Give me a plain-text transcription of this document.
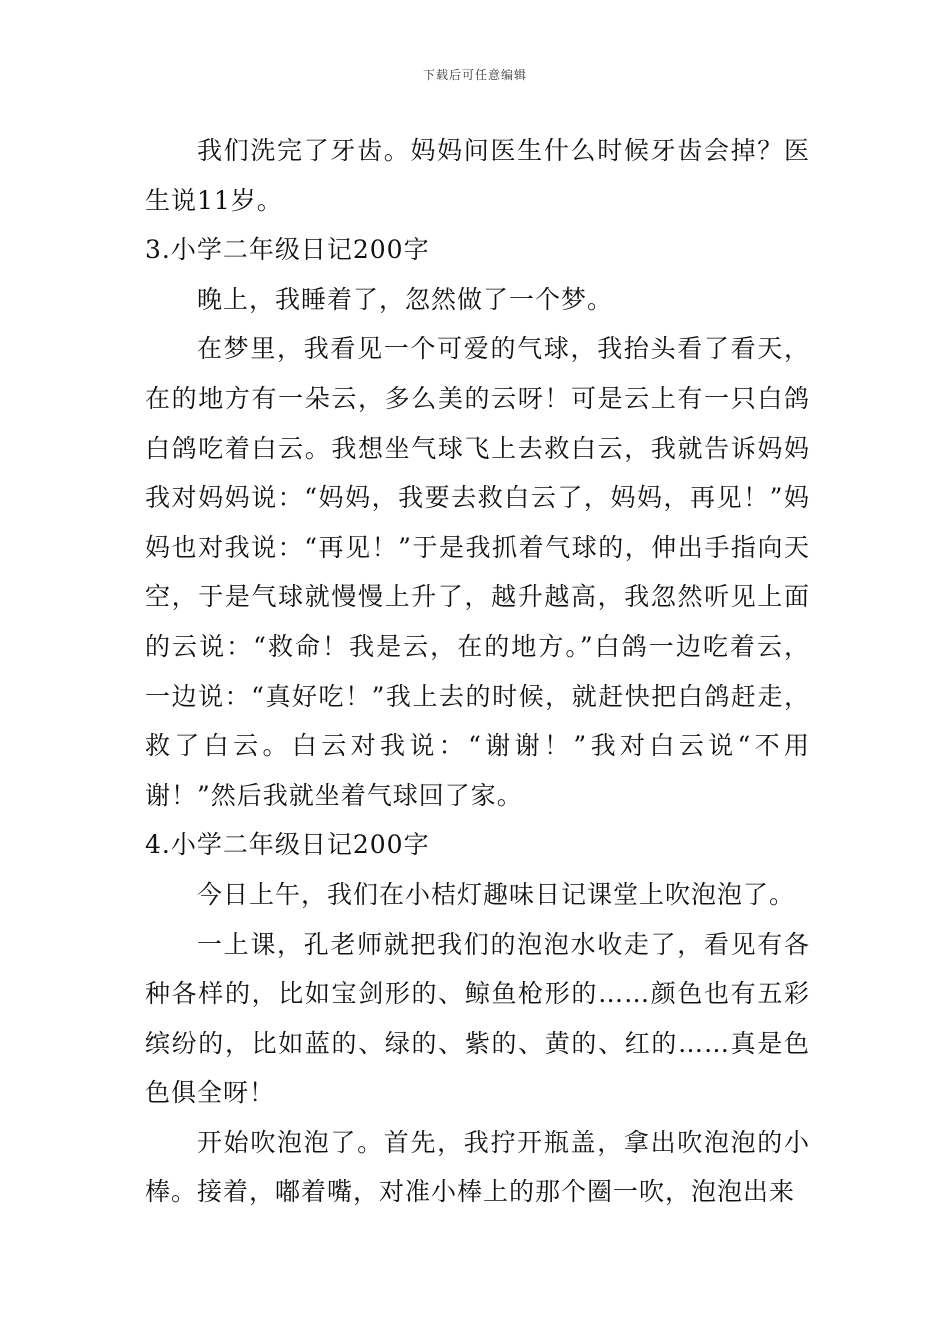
下载后可任意编辑

我们洗完了牙齿。妈妈问医生什么时候牙齿会掉？医生说11岁。

3.小学二年级日记200字

晚上，我睡着了，忽然做了一个梦。

在梦里，我看见一个可爱的气球，我抬头看了看天，在的地方有一朵云，多么美的云呀！可是云上有一只白鸽白鸽吃着白云。我想坐气球飞上去救白云，我就告诉妈妈我对妈妈说：“妈妈，我要去救白云了，妈妈，再见！”妈妈也对我说：“再见！”于是我抓着气球的，伸出手指向天空，于是气球就慢慢上升了，越升越高，我忽然听见上面的云说：“救命！我是云，在的地方。”白鸽一边吃着云，一边说：“真好吃！”我上去的时候，就赶快把白鸽赶走，救了白云。白云对我说：“谢谢！”我对白云说“不用谢！”然后我就坐着气球回了家。

4.小学二年级日记200字

今日上午，我们在小桔灯趣味日记课堂上吹泡泡了。

一上课，孔老师就把我们的泡泡水收走了，看见有各种各样的，比如宝剑形的、鲸鱼枪形的……颜色也有五彩缤纷的，比如蓝的、绿的、紫的、黄的、红的……真是色色俱全呀！

开始吹泡泡了。首先，我拧开瓶盖，拿出吹泡泡的小棒。接着，嘟着嘴，对准小棒上的那个圈一吹，泡泡出来
